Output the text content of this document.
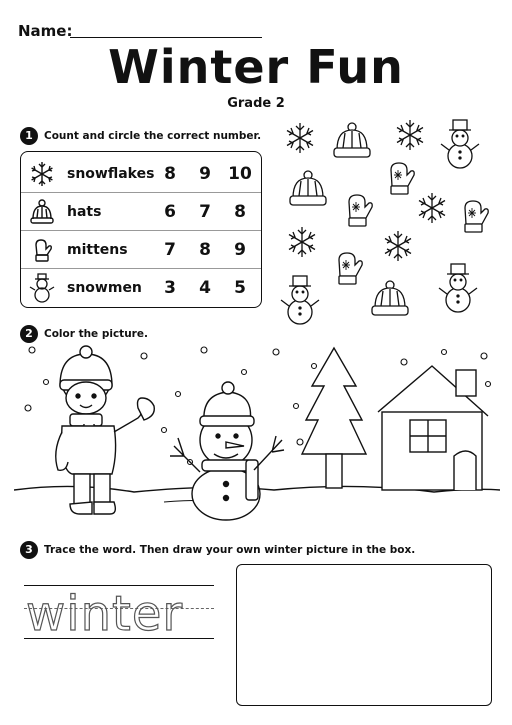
Name:
Winter Fun
Grade 2
1	Count and circle the correct number.
snowflakes 8	9	10
hats	6	7	8
mittens	7	8	9
snowmen	3	4	5
2	Color the picture.
3	Trace the word. Then draw your own winter picture in the box.
winter
